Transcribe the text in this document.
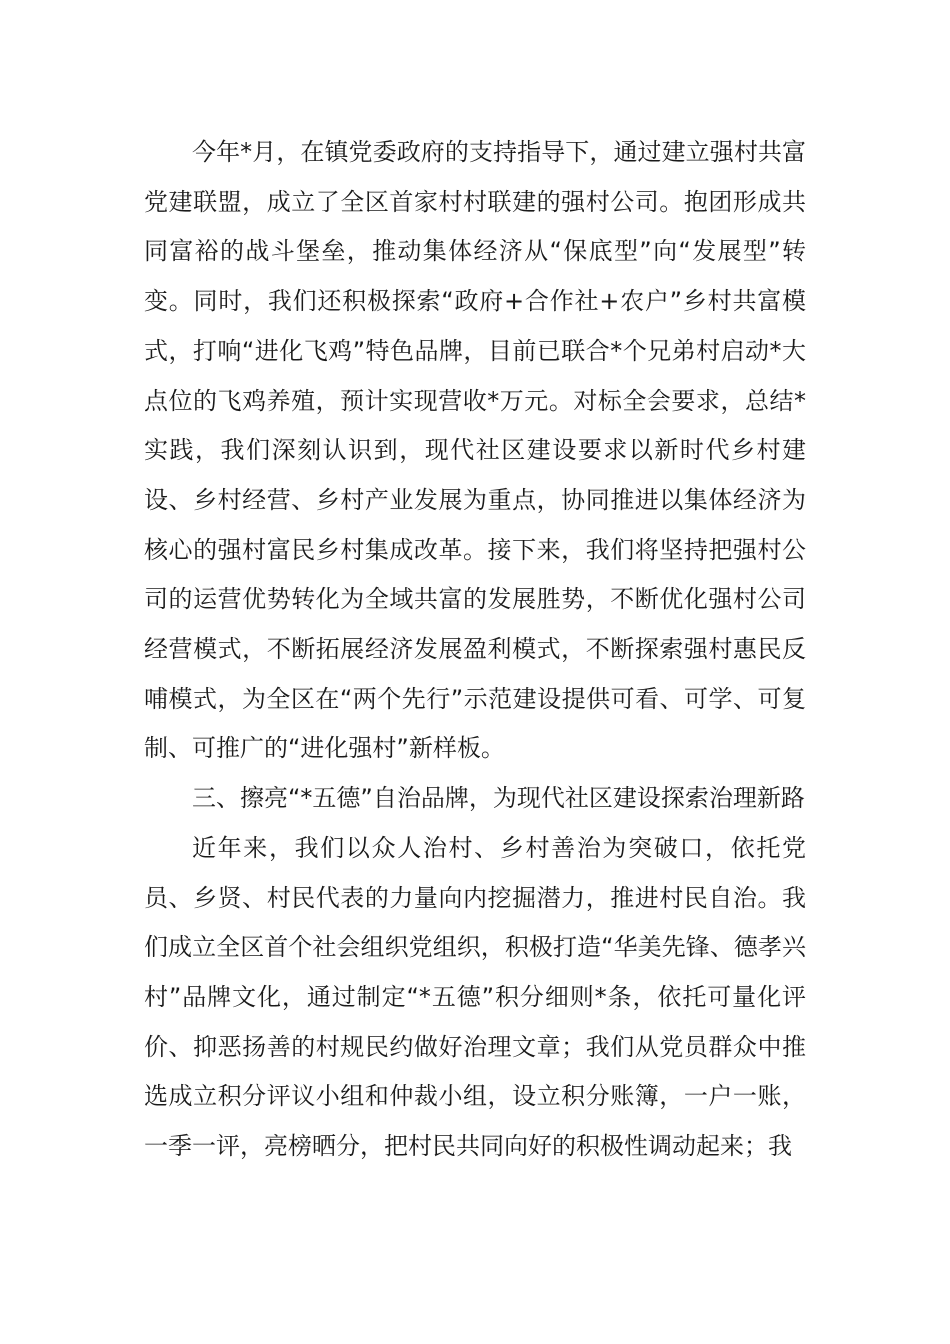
今年*月，在镇党委政府的支持指导下，通过建立强村共富党建联盟，成立了全区首家村村联建的强村公司。抱团形成共同富裕的战斗堡垒，推动集体经济从“保底型”向“发展型”转变。同时，我们还积极探索“政府+合作社+农户”乡村共富模式，打响“进化飞鸡”特色品牌，目前已联合*个兄弟村启动*大点位的飞鸡养殖，预计实现营收*万元。对标全会要求，总结*实践，我们深刻认识到，现代社区建设要求以新时代乡村建设、乡村经营、乡村产业发展为重点，协同推进以集体经济为核心的强村富民乡村集成改革。接下来，我们将坚持把强村公司的运营优势转化为全域共富的发展胜势，不断优化强村公司经营模式，不断拓展经济发展盈利模式，不断探索强村惠民反哺模式，为全区在“两个先行”示范建设提供可看、可学、可复制、可推广的“进化强村”新样板。

三、擦亮“*五德”自治品牌，为现代社区建设探索治理新路

近年来，我们以众人治村、乡村善治为突破口，依托党员、乡贤、村民代表的力量向内挖掘潜力，推进村民自治。我们成立全区首个社会组织党组织，积极打造“华美先锋、德孝兴村”品牌文化，通过制定“*五德”积分细则*条，依托可量化评价、抑恶扬善的村规民约做好治理文章；我们从党员群众中推选成立积分评议小组和仲裁小组，设立积分账簿，一户一账，一季一评，亮榜晒分，把村民共同向好的积极性调动起来；我
